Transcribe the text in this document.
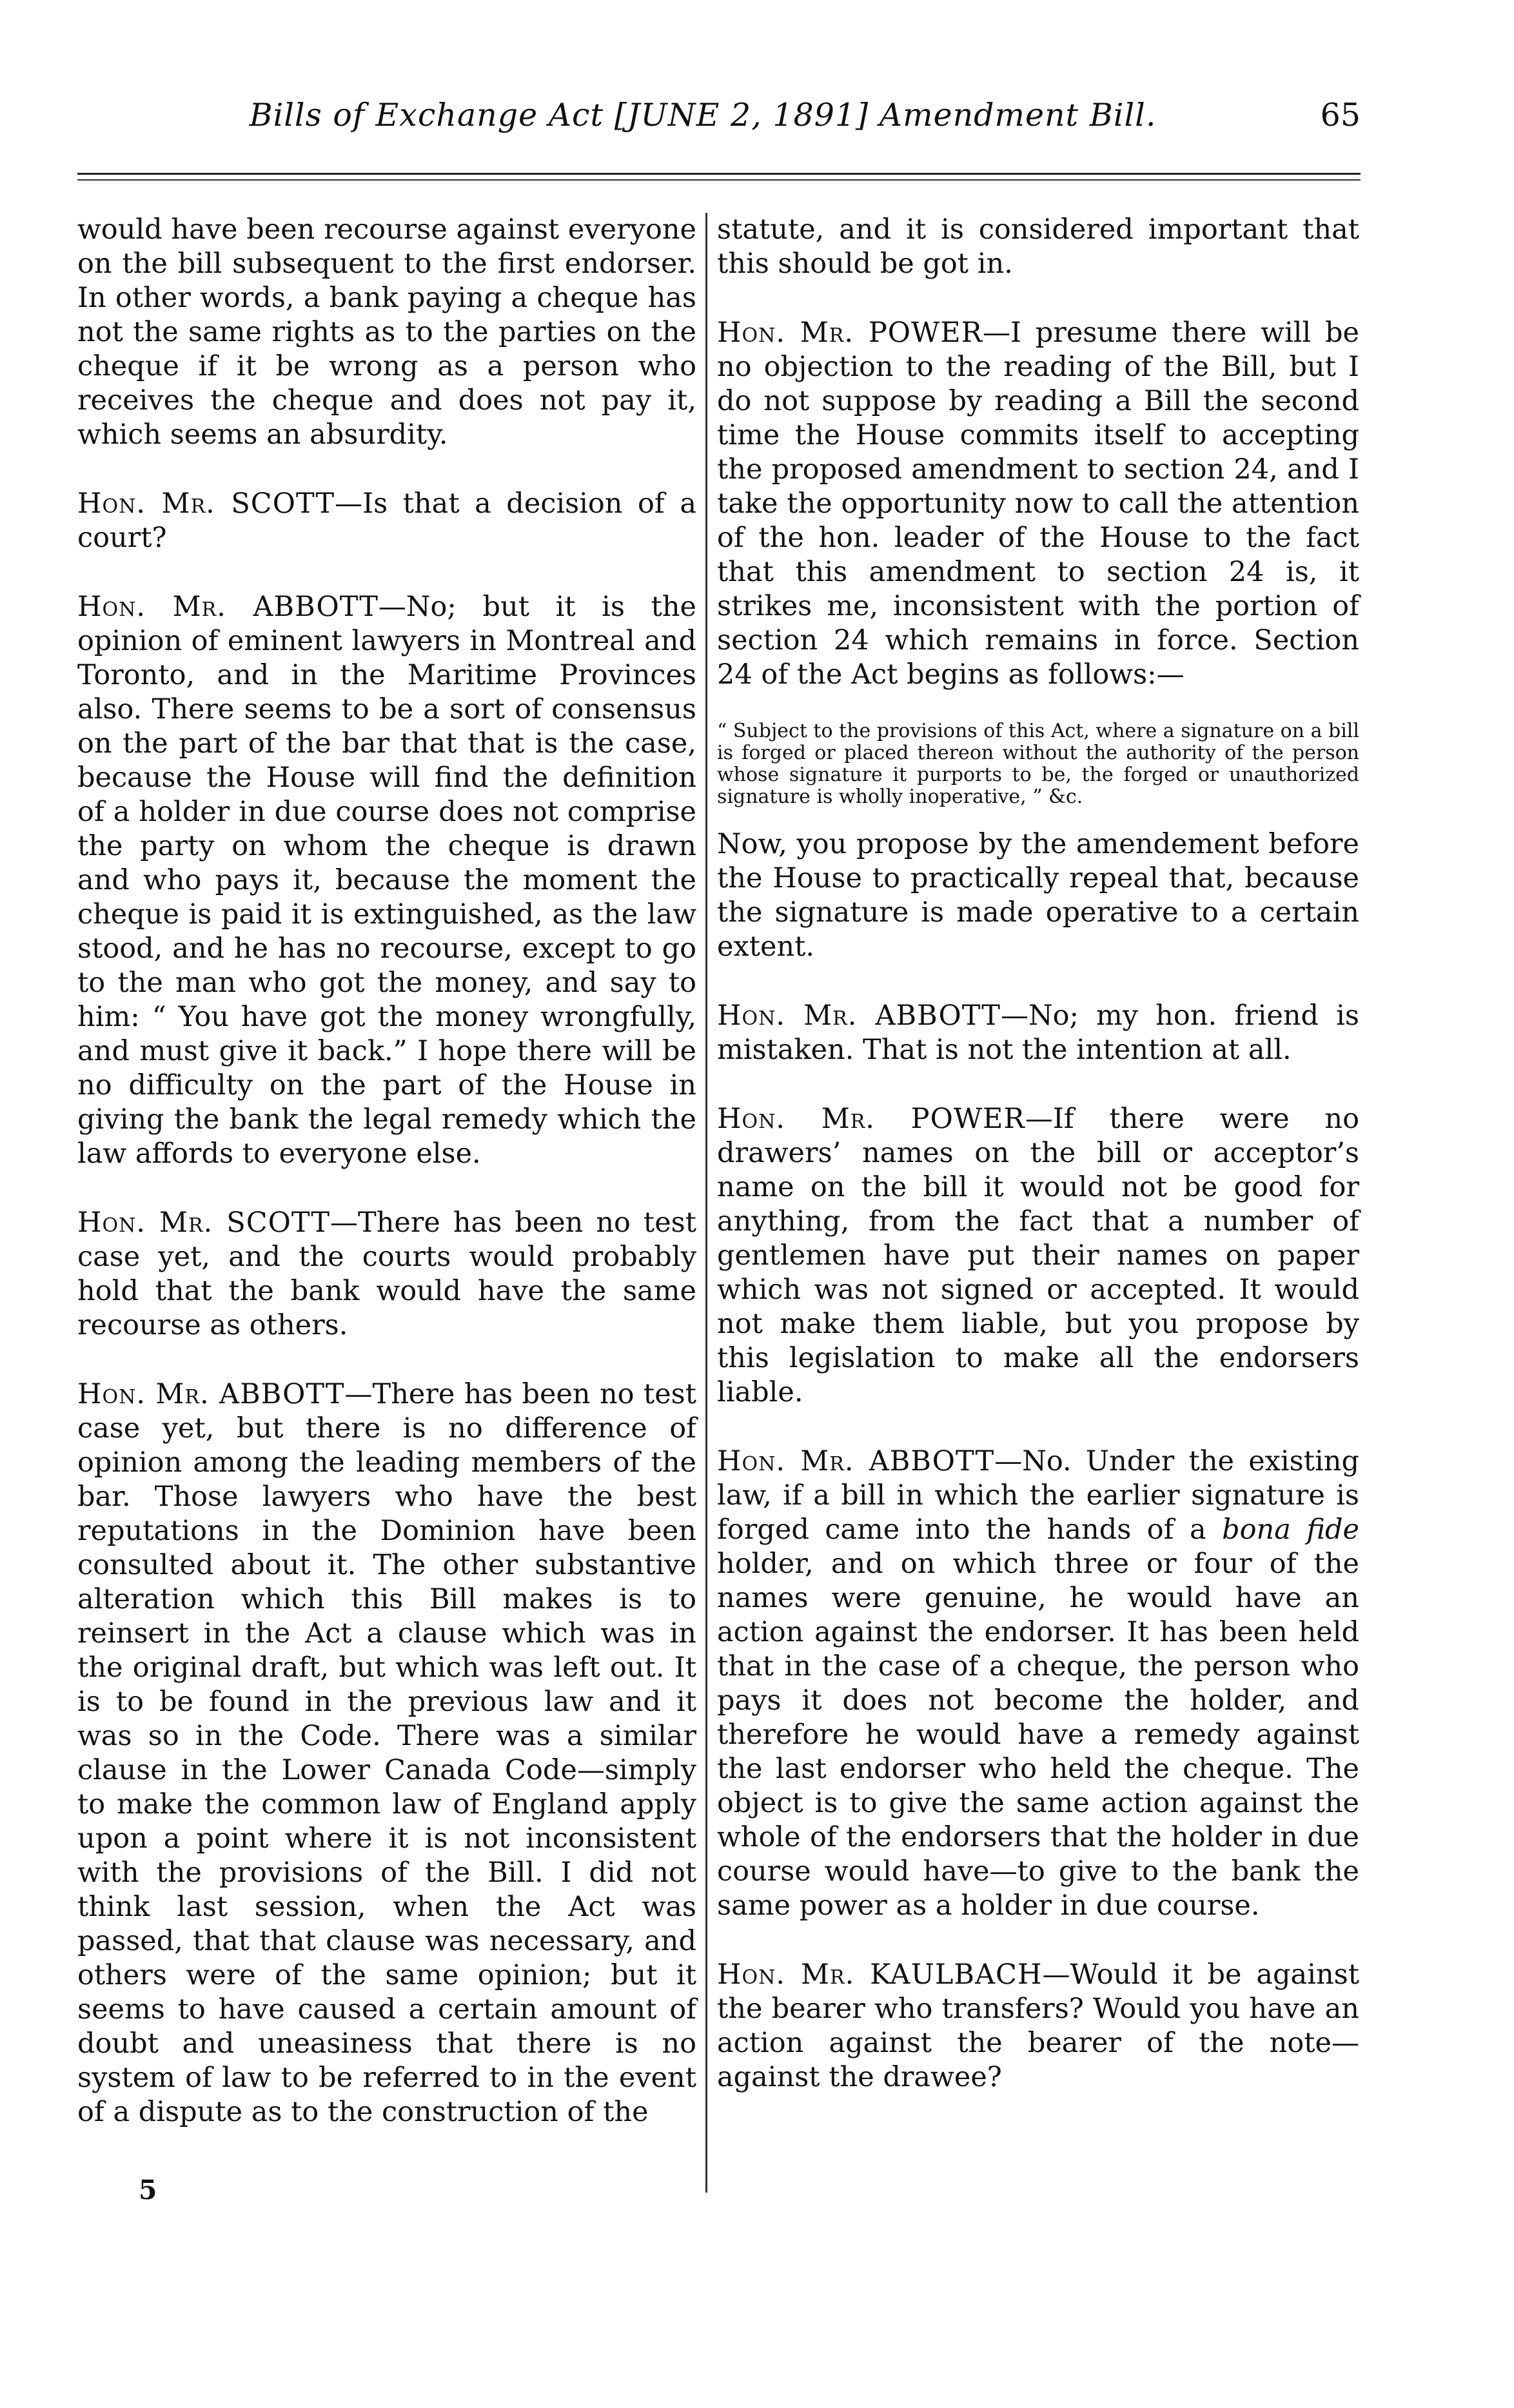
Bills of Exchange Act [JUNE 2, 1891] Amendment Bill.	65

would have been recourse against everyone on the bill subsequent to the first endorser. In other words, a bank paying a cheque has not the same rights as to the parties on the cheque if it be wrong as a person who receives the cheque and does not pay it, which seems an absurdity.

Hon. Mr. SCOTT—Is that a decision of a court?

Hon. Mr. ABBOTT—No; but it is the opinion of eminent lawyers in Montreal and Toronto, and in the Maritime Provinces also. There seems to be a sort of consensus on the part of the bar that that is the case, because the House will find the definition of a holder in due course does not comprise the party on whom the cheque is drawn and who pays it, because the moment the cheque is paid it is extinguished, as the law stood, and he has no recourse, except to go to the man who got the money, and say to him: “ You have got the money wrongfully, and must give it back.” I hope there will be no difficulty on the part of the House in giving the bank the legal remedy which the law affords to everyone else.

Hon. Mr. SCOTT—There has been no test case yet, and the courts would probably hold that the bank would have the same recourse as others.

Hon. Mr. ABBOTT—There has been no test case yet, but there is no difference of opinion among the leading members of the bar. Those lawyers who have the best reputations in the Dominion have been consulted about it. The other substantive alteration which this Bill makes is to reinsert in the Act a clause which was in the original draft, but which was left out. It is to be found in the previous law and it was so in the Code. There was a similar clause in the Lower Canada Code—simply to make the common law of England apply upon a point where it is not inconsistent with the provisions of the Bill. I did not think last session, when the Act was passed, that that clause was necessary, and others were of the same opinion; but it seems to have caused a certain amount of doubt and uneasiness that there is no system of law to be referred to in the event of a dispute as to the construction of the

5

statute, and it is considered important that this should be got in.

Hon. Mr. POWER—I presume there will be no objection to the reading of the Bill, but I do not suppose by reading a Bill the second time the House commits itself to accepting the proposed amendment to section 24, and I take the opportunity now to call the attention of the hon. leader of the House to the fact that this amendment to section 24 is, it strikes me, inconsistent with the portion of section 24 which remains in force. Section 24 of the Act begins as follows:—

“ Subject to the provisions of this Act, where a signature on a bill is forged or placed thereon without the authority of the person whose signature it purports to be, the forged or unauthorized signature is wholly inoperative, ” &c.

Now, you propose by the amendement before the House to practically repeal that, because the signature is made operative to a certain extent.

Hon. Mr. ABBOTT—No; my hon. friend is mistaken. That is not the intention at all.

Hon. Mr. POWER—If there were no drawers’ names on the bill or acceptor’s name on the bill it would not be good for anything, from the fact that a number of gentlemen have put their names on paper which was not signed or accepted. It would not make them liable, but you propose by this legislation to make all the endorsers liable.

Hon. Mr. ABBOTT—No. Under the existing law, if a bill in which the earlier signature is forged came into the hands of a bona fide holder, and on which three or four of the names were genuine, he would have an action against the endorser. It has been held that in the case of a cheque, the person who pays it does not become the holder, and therefore he would have a remedy against the last endorser who held the cheque. The object is to give the same action against the whole of the endorsers that the holder in due course would have—to give to the bank the same power as a holder in due course.

Hon. Mr. KAULBACH—Would it be against the bearer who transfers? Would you have an action against the bearer of the note—against the drawee?
